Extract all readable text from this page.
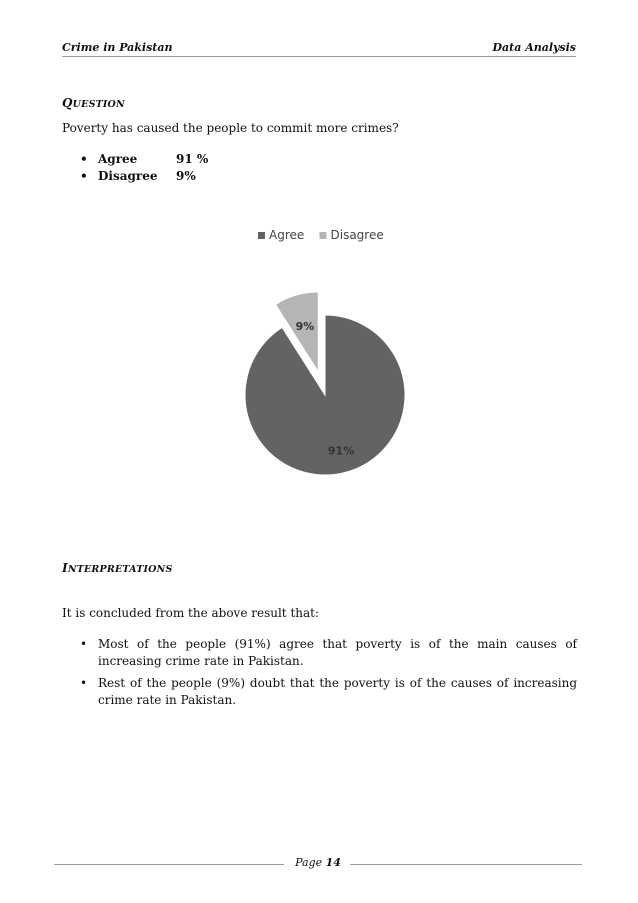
Crime in Pakistan	Data Analysis
QUESTION
Poverty has caused the people to commit more crimes?
• Agree	91 %
• Disagree 9%
Agree Disagree
91%
9%
INTERPRETATIONS
It is concluded from the above result that:
• Most of the people (91%) agree that poverty is of the main causes of increasing crime rate in Pakistan.
• Rest of the people (9%) doubt that the poverty is of the causes of increasing crime rate in Pakistan.
Page 14
